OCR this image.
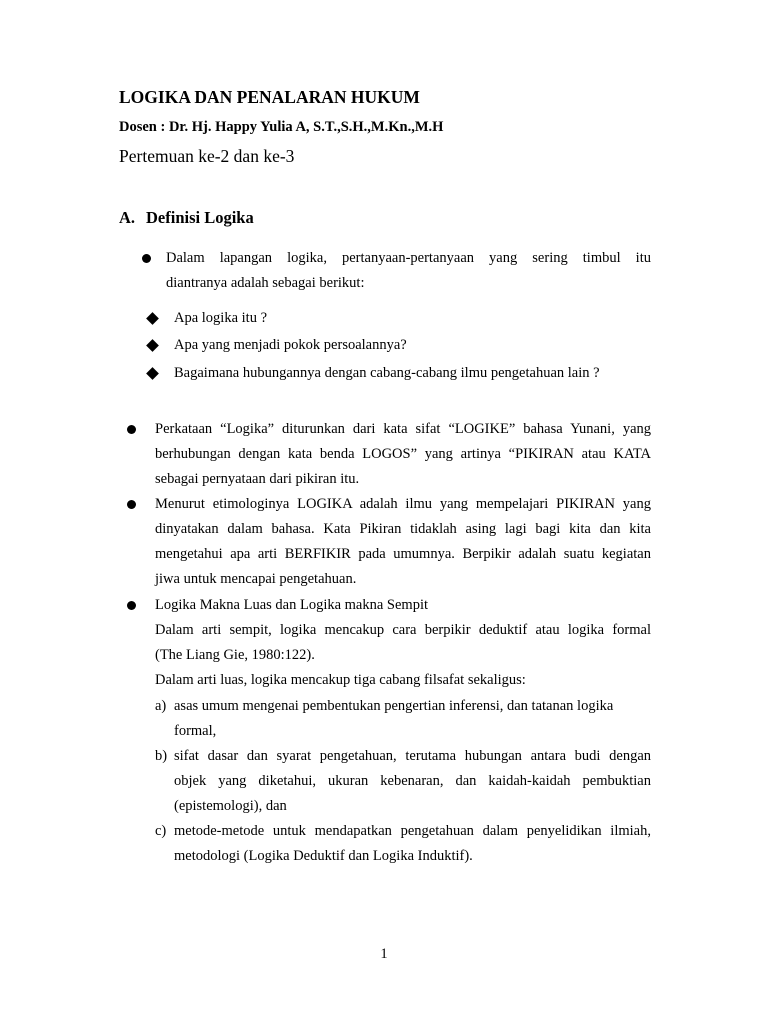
LOGIKA DAN PENALARAN HUKUM
Dosen : Dr. Hj. Happy Yulia A, S.T.,S.H.,M.Kn.,M.H
Pertemuan ke-2 dan ke-3
A. Definisi Logika
Dalam lapangan logika, pertanyaan-pertanyaan yang sering timbul itu
diantranya adalah sebagai berikut:
Apa logika itu ?
Apa yang menjadi pokok persoalannya?
Bagaimana hubungannya dengan cabang-cabang ilmu pengetahuan lain ?
Perkataan “Logika” diturunkan dari kata sifat “LOGIKE” bahasa Yunani, yang
berhubungan dengan kata benda LOGOS” yang artinya “PIKIRAN atau KATA
sebagai pernyataan dari pikiran itu.
Menurut etimologinya LOGIKA adalah ilmu yang mempelajari PIKIRAN yang
dinyatakan dalam bahasa. Kata Pikiran tidaklah asing lagi bagi kita dan kita
mengetahui apa arti BERFIKIR pada umumnya. Berpikir adalah suatu kegiatan
jiwa untuk mencapai pengetahuan.
Logika Makna Luas dan Logika makna Sempit
Dalam arti sempit, logika mencakup cara berpikir deduktif atau logika formal
(The Liang Gie, 1980:122).
Dalam arti luas, logika mencakup tiga cabang filsafat sekaligus:
a) asas umum mengenai pembentukan pengertian inferensi, dan tatanan logika
formal,
b) sifat dasar dan syarat pengetahuan, terutama hubungan antara budi dengan
objek yang diketahui, ukuran kebenaran, dan kaidah-kaidah pembuktian
(epistemologi), dan
c) metode-metode untuk mendapatkan pengetahuan dalam penyelidikan ilmiah,
metodologi (Logika Deduktif dan Logika Induktif).
1
